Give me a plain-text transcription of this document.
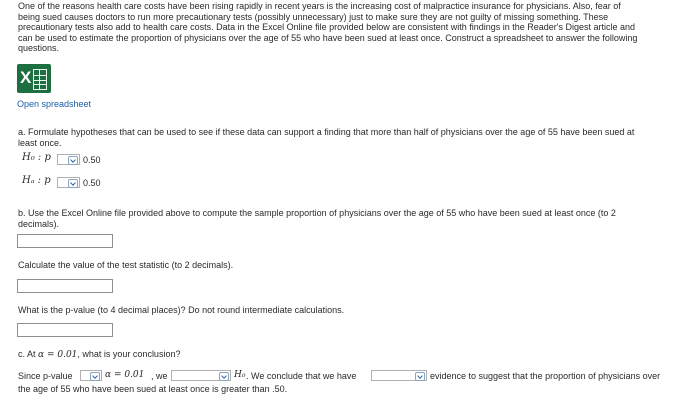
One of the reasons health care costs have been rising rapidly in recent years is the increasing cost of malpractice insurance for physicians. Also, fear of
being sued causes doctors to run more precautionary tests (possibly unnecessary) just to make sure they are not guilty of missing something. These
precautionary tests also add to health care costs. Data in the Excel Online file provided below are consistent with findings in the Reader's Digest article and
can be used to estimate the proportion of physicians over the age of 55 who have been sued at least once. Construct a spreadsheet to answer the following
questions.
X
Open spreadsheet
a. Formulate hypotheses that can be used to see if these data can support a finding that more than half of physicians over the age of 55 have been sued at
least once.
H₀ : p	0.50
Hₐ : p	0.50
b. Use the Excel Online file provided above to compute the sample proportion of physicians over the age of 55 who have been sued at least once (to 2
decimals).
Calculate the value of the test statistic (to 2 decimals).
What is the p-value (to 4 decimal places)? Do not round intermediate calculations.
c. At α = 0.01, what is your conclusion?
Since p-value	α = 0.01 , we	H₀ . We conclude that we have	evidence to suggest that the proportion of physicians over
the age of 55 who have been sued at least once is greater than .50.
